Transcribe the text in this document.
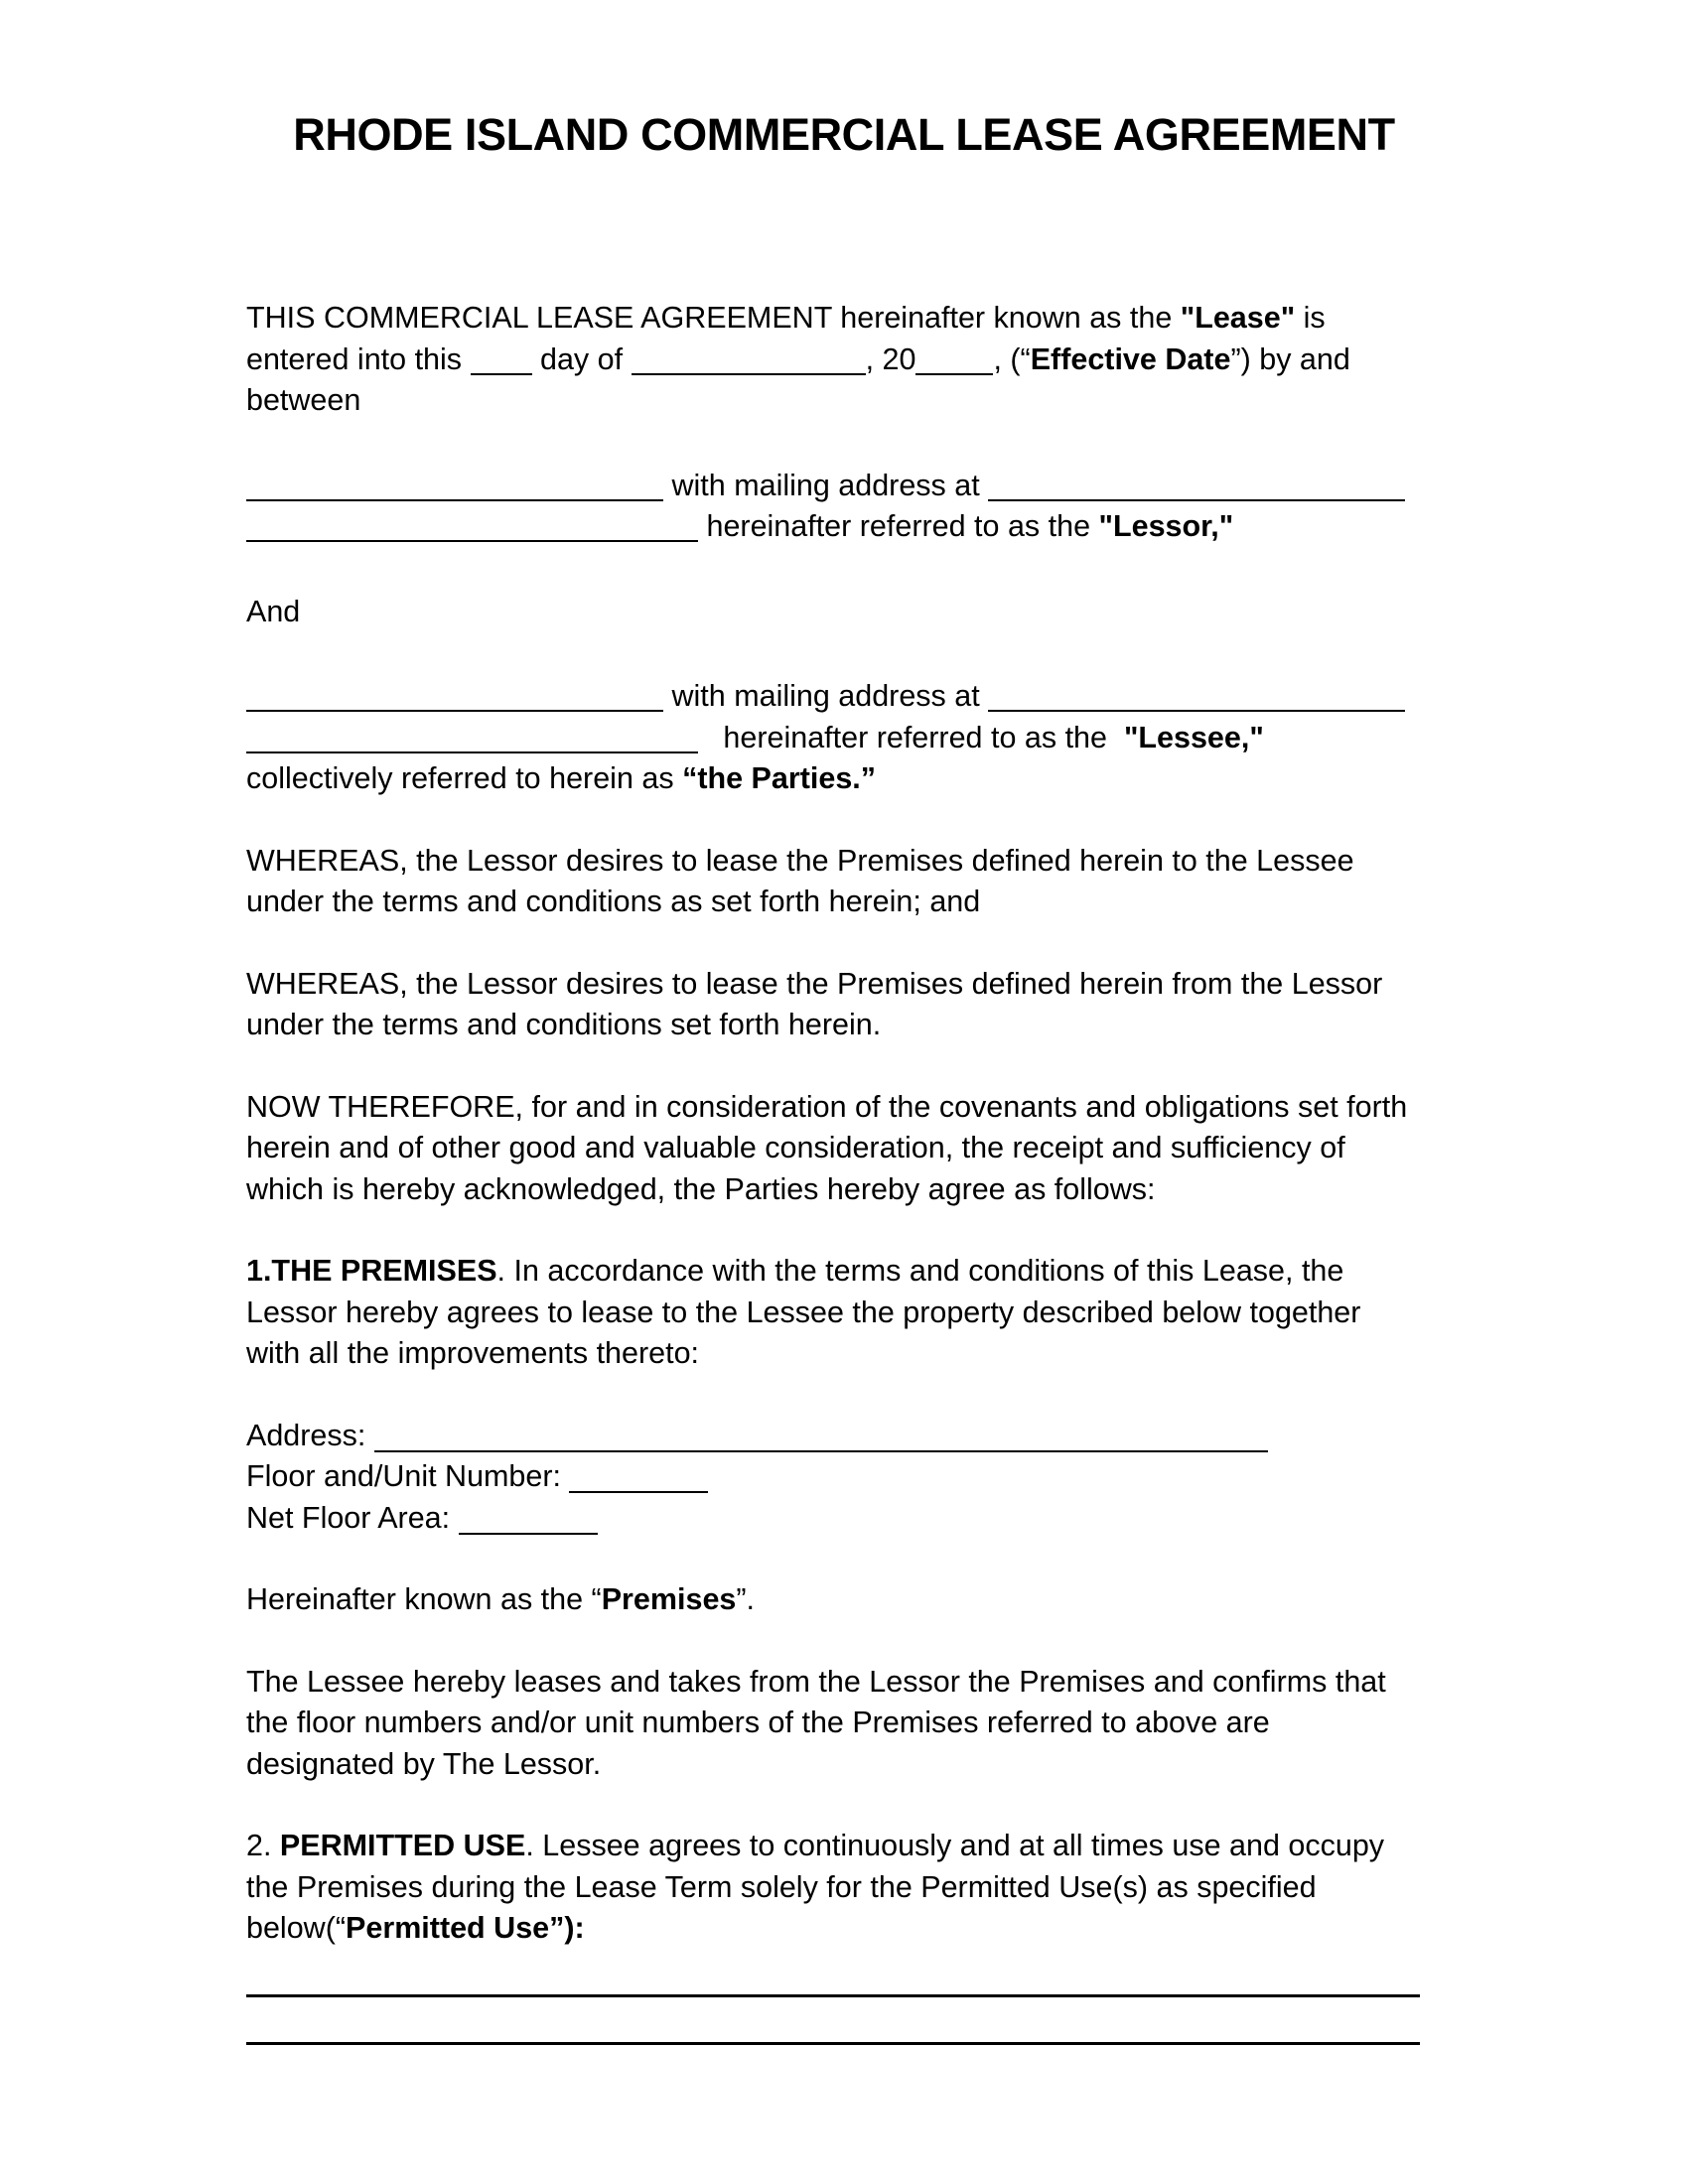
RHODE ISLAND COMMERCIAL LEASE AGREEMENT

THIS COMMERCIAL LEASE AGREEMENT hereinafter known as the "Lease" is entered into this  day of	, 20	, (“Effective Date”) by and between

with mailing address at
hereinafter referred to as the "Lessor,"

And

with mailing address at
hereinafter referred to as the  "Lessee,"
collectively referred to herein as “the Parties.”

WHEREAS, the Lessor desires to lease the Premises defined herein to the Lessee under the terms and conditions as set forth herein; and

WHEREAS, the Lessor desires to lease the Premises defined herein from the Lessor under the terms and conditions set forth herein.

NOW THEREFORE, for and in consideration of the covenants and obligations set forth herein and of other good and valuable consideration, the receipt and sufficiency of which is hereby acknowledged, the Parties hereby agree as follows:

1.THE PREMISES. In accordance with the terms and conditions of this Lease, the Lessor hereby agrees to lease to the Lessee the property described below together with all the improvements thereto:

Address:
Floor and/Unit Number:
Net Floor Area:

Hereinafter known as the “Premises”.

The Lessee hereby leases and takes from the Lessor the Premises and confirms that the floor numbers and/or unit numbers of the Premises referred to above are designated by The Lessor.

2. PERMITTED USE. Lessee agrees to continuously and at all times use and occupy the Premises during the Lease Term solely for the Permitted Use(s) as specified below(“Permitted Use”):
